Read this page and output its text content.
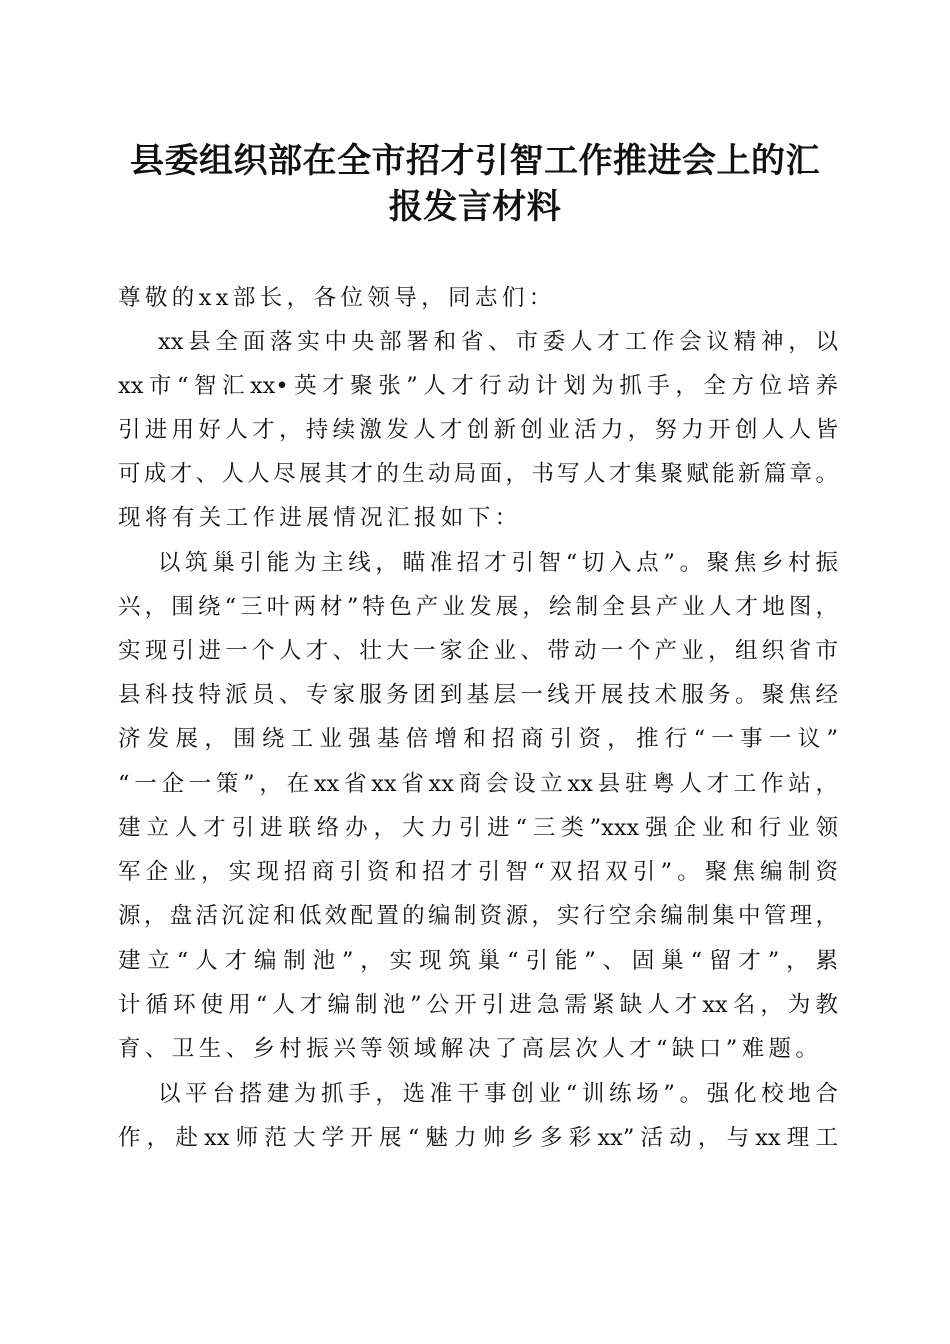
县委组织部在全市招才引智工作推进会上的汇
报发言材料

尊敬的xx部长，各位领导，同志们：

xx县全面落实中央部署和省、市委人才工作会议精神，以

xx市“智汇xx•英才聚张”人才行动计划为抓手，全方位培养

引进用好人才，持续激发人才创新创业活力，努力开创人人皆

可成才、人人尽展其才的生动局面，书写人才集聚赋能新篇章。

现将有关工作进展情况汇报如下：

以筑巢引能为主线，瞄准招才引智“切入点”。聚焦乡村振

兴，围绕“三叶两材”特色产业发展，绘制全县产业人才地图，

实现引进一个人才、壮大一家企业、带动一个产业，组织省市

县科技特派员、专家服务团到基层一线开展技术服务。聚焦经

济发展，围绕工业强基倍增和招商引资，推行“一事一议”

“一企一策”，在xx省xx省xx商会设立xx县驻粤人才工作站，

建立人才引进联络办，大力引进“三类”xxx强企业和行业领

军企业，实现招商引资和招才引智“双招双引”。聚焦编制资

源，盘活沉淀和低效配置的编制资源，实行空余编制集中管理，

建立“人才编制池”，实现筑巢“引能”、固巢“留才”，累

计循环使用“人才编制池”公开引进急需紧缺人才xx名，为教

育、卫生、乡村振兴等领域解决了高层次人才“缺口”难题。

以平台搭建为抓手，选准干事创业“训练场”。强化校地合

作，赴xx师范大学开展“魅力帅乡多彩xx”活动，与xx理工
